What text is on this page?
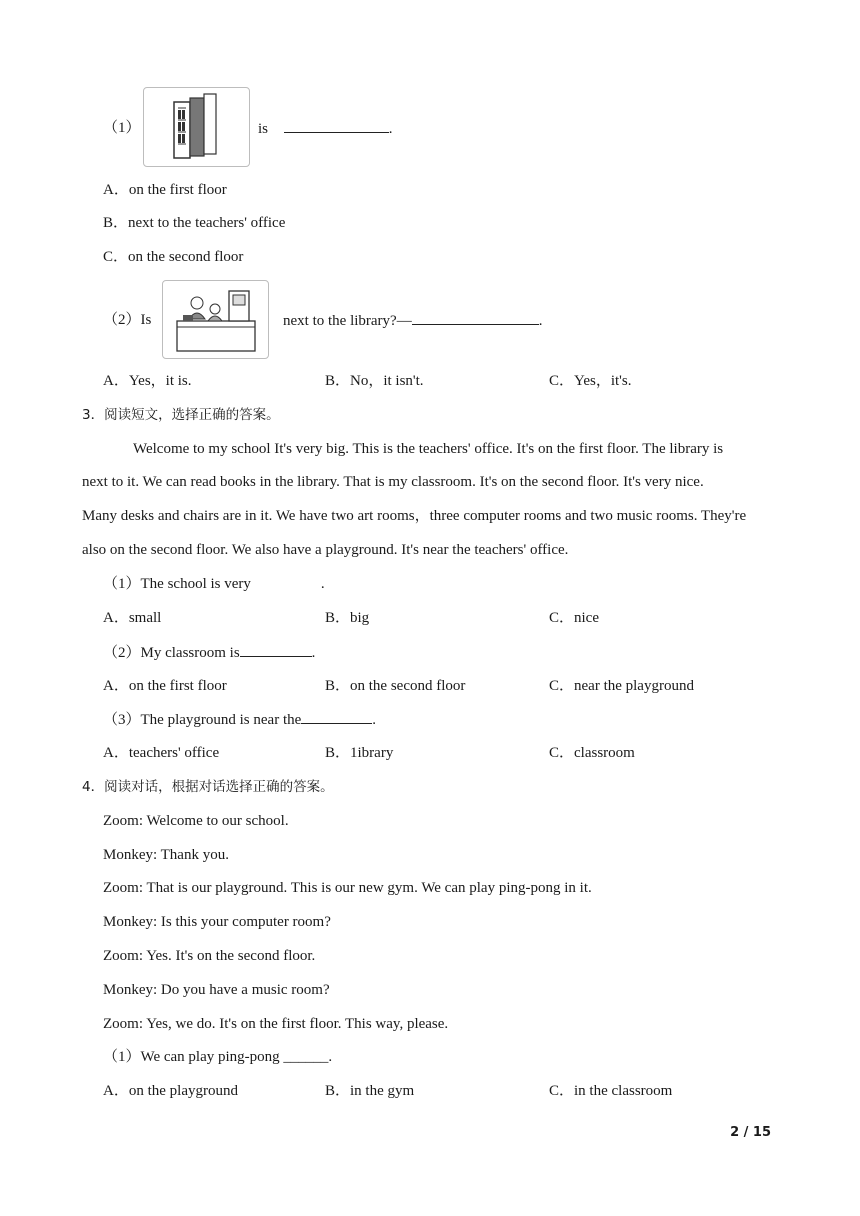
（1）	is	.
A．on the first floor
B．next to the teachers' office
C．on the second floor
（2）Is	next to the library?—	.
A．Yes，it is.	B．No，it isn't.	C．Yes，it's.
3．阅读短文，选择正确的答案。
Welcome to my school It's very big. This is the teachers' office. It's on the first floor. The library is
next to it. We can read books in the library. That is my classroom. It's on the second floor. It's very nice.
Many desks and chairs are in it. We have two art rooms，three computer rooms and two music rooms. They're
also on the second floor. We also have a playground. It's near the teachers' office.
（1）The school is very	.
A．small	B．big	C．nice
（2）My classroom is	.
A．on the first floor	B．on the second floor	C．near the playground
（3）The playground is near the	.
A．teachers' office	B．1ibrary	C．classroom
4．阅读对话，根据对话选择正确的答案。
Zoom: Welcome to our school.
Monkey: Thank you.
Zoom: That is our playground. This is our new gym. We can play ping-pong in it.
Monkey: Is this your computer room?
Zoom: Yes. It's on the second floor.
Monkey: Do you have a music room?
Zoom: Yes, we do. It's on the first floor. This way, please.
（1）We can play ping-pong ______.
A．on the playground	B．in the gym	C．in the classroom
2 / 15
